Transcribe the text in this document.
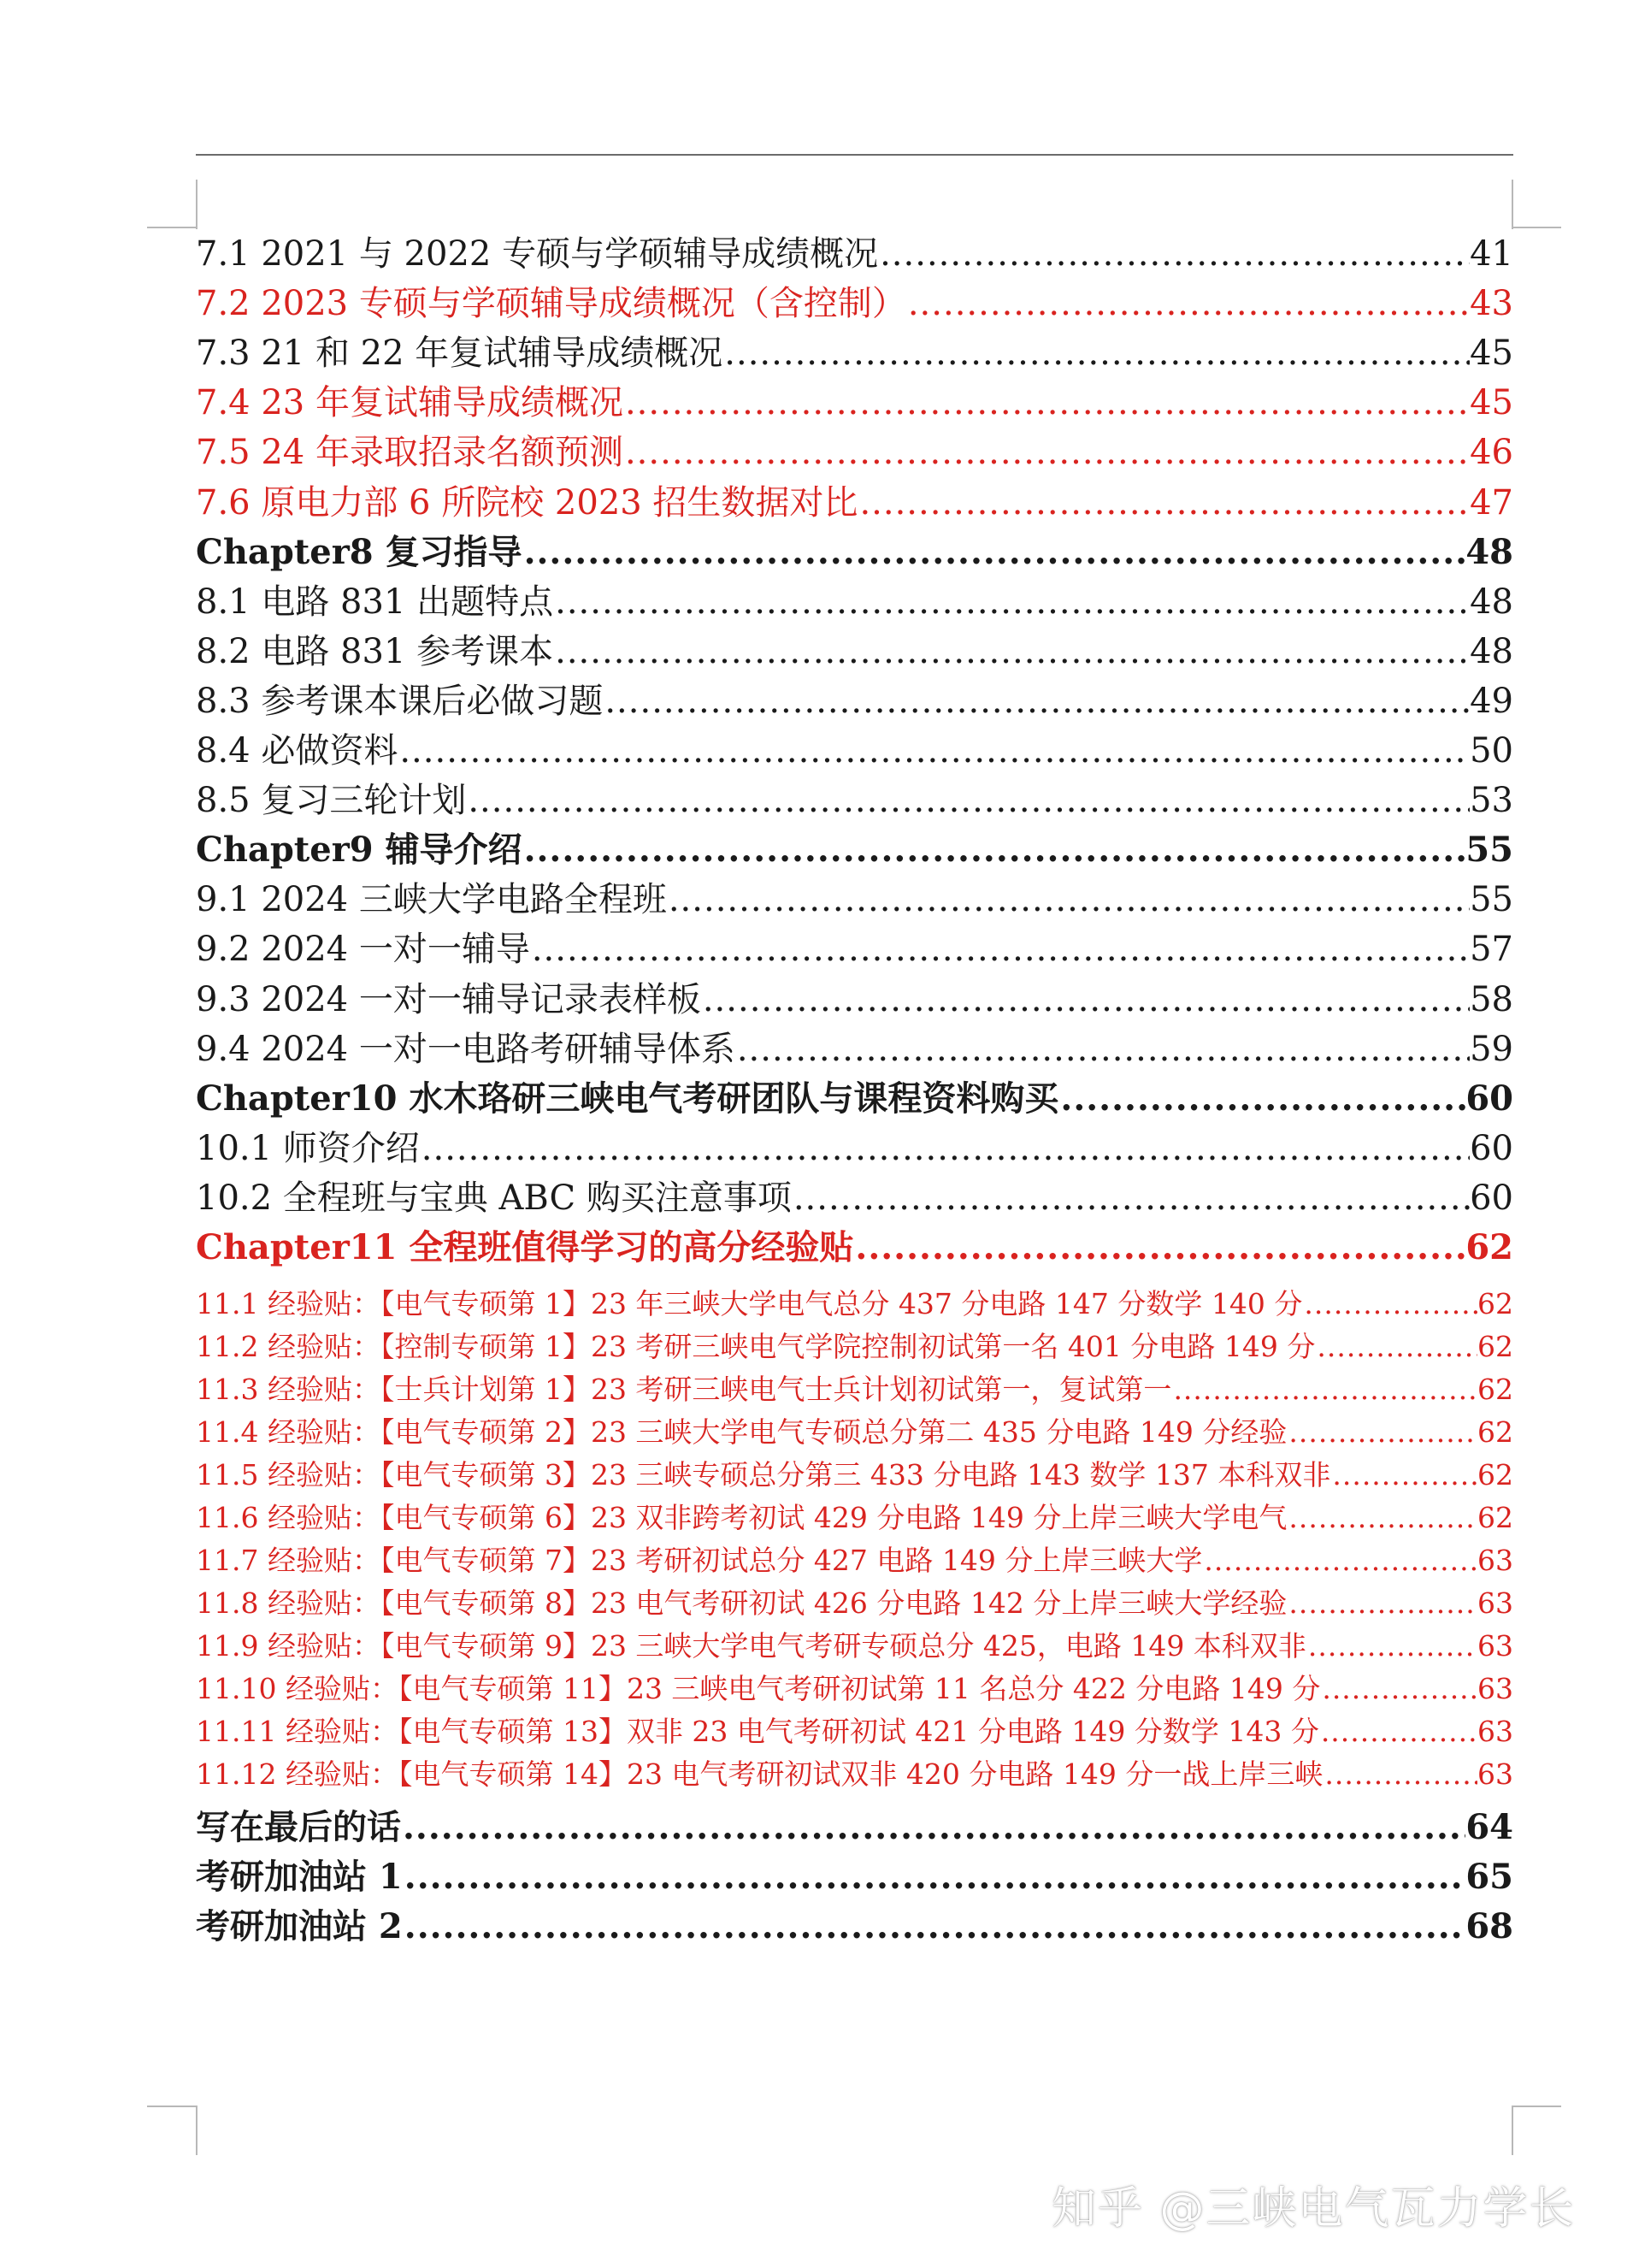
7.1 2021 与 2022 专硕与学硕辅导成绩概况 .....	41
7.2 2023 专硕与学硕辅导成绩概况（含控制） .....	43
7.3 21 和 22 年复试辅导成绩概况 .....	45
7.4 23 年复试辅导成绩概况 .....	45
7.5 24 年录取招录名额预测 .....	46
7.6 原电力部 6 所院校 2023 招生数据对比 .....	47
Chapter8 复习指导 .....	48
8.1 电路 831 出题特点 .....	48
8.2 电路 831 参考课本 .....	48
8.3 参考课本课后必做习题 .....	49
8.4 必做资料 .....	50
8.5 复习三轮计划 .....	53
Chapter9 辅导介绍 .....	55
9.1 2024 三峡大学电路全程班 .....	55
9.2 2024 一对一辅导 .....	57
9.3 2024 一对一辅导记录表样板 .....	58
9.4 2024 一对一电路考研辅导体系 .....	59
Chapter10 水木珞研三峡电气考研团队与课程资料购买 .....	60
10.1 师资介绍 .....	60
10.2 全程班与宝典 ABC 购买注意事项 .....	60
Chapter11 全程班值得学习的高分经验贴 .....	62
11.1 经验贴：【电气专硕第 1】23 年三峡大学电气总分 437 分电路 147 分数学 140 分 .....	62
11.2 经验贴：【控制专硕第 1】23 考研三峡电气学院控制初试第一名 401 分电路 149 分 .....	62
11.3 经验贴：【士兵计划第 1】23 考研三峡电气士兵计划初试第一，复试第一 .....	62
11.4 经验贴：【电气专硕第 2】23 三峡大学电气专硕总分第二 435 分电路 149 分经验 .....	62
11.5 经验贴：【电气专硕第 3】23 三峡专硕总分第三 433 分电路 143 数学 137 本科双非 .....	62
11.6 经验贴：【电气专硕第 6】23 双非跨考初试 429 分电路 149 分上岸三峡大学电气 .....	62
11.7 经验贴：【电气专硕第 7】23 考研初试总分 427 电路 149 分上岸三峡大学 .....	63
11.8 经验贴：【电气专硕第 8】23 电气考研初试 426 分电路 142 分上岸三峡大学经验 .....	63
11.9 经验贴：【电气专硕第 9】23 三峡大学电气考研专硕总分 425，电路 149 本科双非 .....	63
11.10 经验贴：【电气专硕第 11】23 三峡电气考研初试第 11 名总分 422 分电路 149 分 .....	63
11.11 经验贴：【电气专硕第 13】双非 23 电气考研初试 421 分电路 149 分数学 143 分 .....	63
11.12 经验贴：【电气专硕第 14】23 电气考研初试双非 420 分电路 149 分一战上岸三峡 .....	63
写在最后的话 .....	64
考研加油站 1 .....	65
考研加油站 2 .....	68
知乎 @三峡电气瓦力学长
